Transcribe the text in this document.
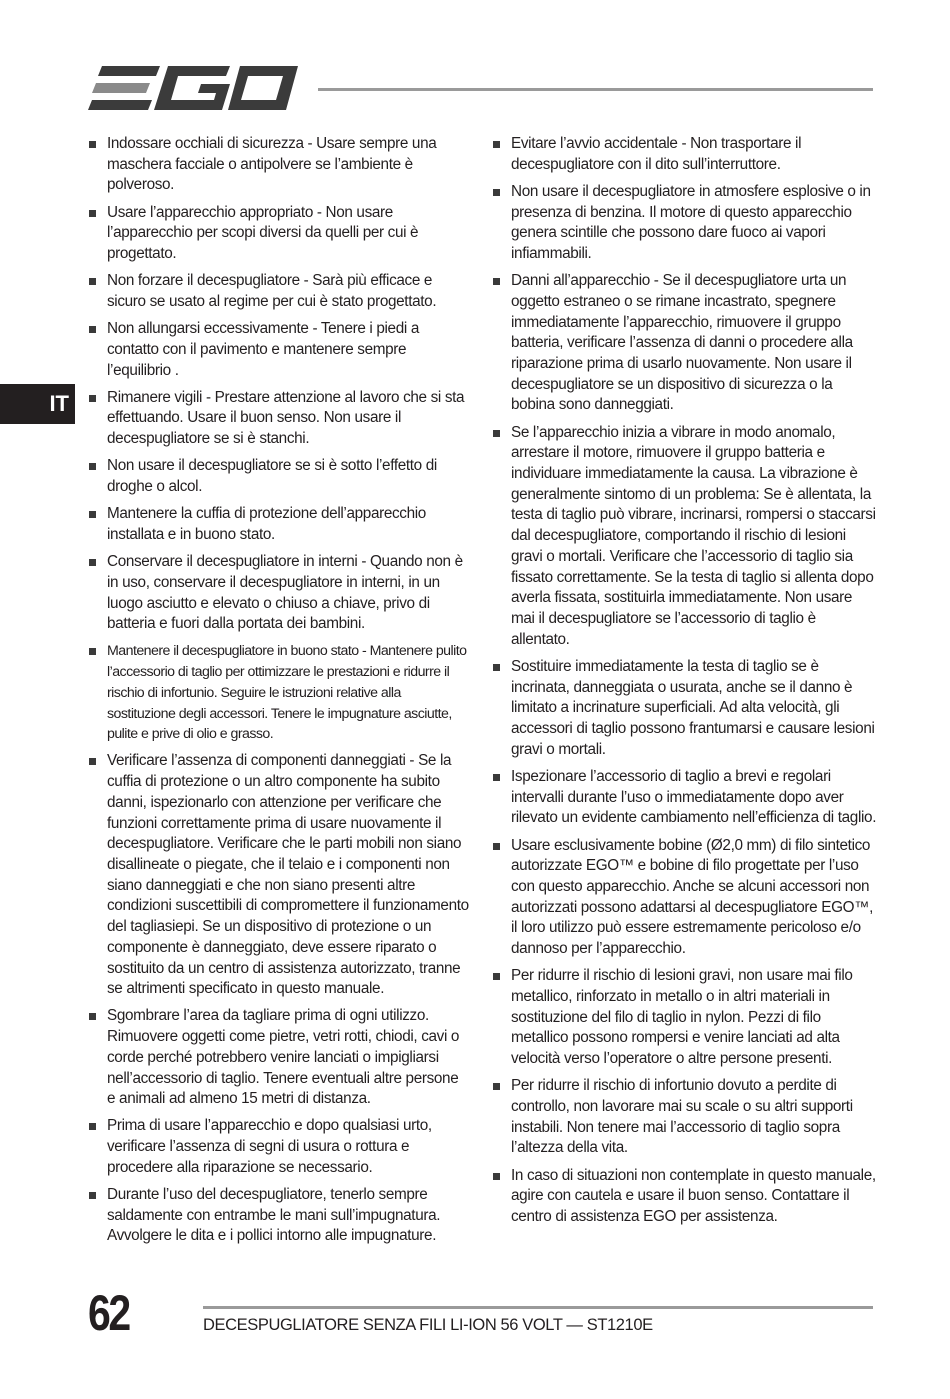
IT
Indossare occhiali di sicurezza - Usare sempre una maschera facciale o antipolvere se l’ambiente è polveroso.
Usare l’apparecchio appropriato - Non usare l’apparecchio per scopi diversi da quelli per cui è progettato.
Non forzare il decespugliatore - Sarà più efficace e sicuro se usato al regime per cui è stato progettato.
Non allungarsi eccessivamente - Tenere i piedi a contatto con il pavimento e mantenere sempre l’equilibrio .
Rimanere vigili - Prestare attenzione al lavoro che si sta effettuando. Usare il buon senso. Non usare il decespugliatore se si è stanchi.
Non usare il decespugliatore se si è sotto l’effetto di droghe o alcol.
Mantenere la cuffia di protezione dell’apparecchio installata e in buono stato.
Conservare il decespugliatore in interni - Quando non è in uso, conservare il decespugliatore in interni, in un luogo asciutto e elevato o chiuso a chiave, privo di batteria e fuori dalla portata dei bambini.
Mantenere il decespugliatore in buono stato - Mantenere pulito l’accessorio di taglio per ottimizzare le prestazioni e ridurre il rischio di infortunio. Seguire le istruzioni relative alla sostituzione degli accessori. Tenere le impugnature asciutte, pulite e prive di olio e grasso.
Verificare l’assenza di componenti danneggiati - Se la cuffia di protezione o un altro componente ha subito danni, ispezionarlo con attenzione per verificare che funzioni correttamente prima di usare nuovamente il decespugliatore. Verificare che le parti mobili non siano disallineate o piegate, che il telaio e i componenti non siano danneggiati e che non siano presenti altre condizioni suscettibili di compromettere il funzionamento del tagliasiepi. Se un dispositivo di protezione o un componente è danneggiato, deve essere riparato o sostituito da un centro di assistenza autorizzato, tranne se altrimenti specificato in questo manuale.
Sgombrare l’area da tagliare prima di ogni utilizzo. Rimuovere oggetti come pietre, vetri rotti, chiodi, cavi o corde perché potrebbero venire lanciati o impigliarsi nell’accessorio di taglio. Tenere eventuali altre persone e animali ad almeno 15 metri di distanza.
Prima di usare l’apparecchio e dopo qualsiasi urto, verificare l’assenza di segni di usura o rottura e procedere alla riparazione se necessario.
Durante l’uso del decespugliatore, tenerlo sempre saldamente con entrambe le mani sull’impugnatura. Avvolgere le dita e i pollici intorno alle impugnature.
Evitare l’avvio accidentale - Non trasportare il decespugliatore con il dito sull’interruttore.
Non usare il decespugliatore in atmosfere esplosive o in presenza di benzina. Il motore di questo apparecchio genera scintille che possono dare fuoco ai vapori infiammabili.
Danni all’apparecchio - Se il decespugliatore urta un oggetto estraneo o se rimane incastrato, spegnere immediatamente l’apparecchio, rimuovere il gruppo batteria, verificare l’assenza di danni o procedere alla riparazione prima di usarlo nuovamente. Non usare il decespugliatore se un dispositivo di sicurezza o la bobina sono danneggiati.
Se l’apparecchio inizia a vibrare in modo anomalo, arrestare il motore, rimuovere il gruppo batteria e individuare immediatamente la causa. La vibrazione è generalmente sintomo di un problema: Se è allentata, la testa di taglio può vibrare, incrinarsi, rompersi o staccarsi dal decespugliatore, comportando il rischio di lesioni gravi o mortali. Verificare che l’accessorio di taglio sia fissato correttamente. Se la testa di taglio si allenta dopo averla fissata, sostituirla immediatamente. Non usare mai il decespugliatore se l’accessorio di taglio è allentato.
Sostituire immediatamente la testa di taglio se è incrinata, danneggiata o usurata, anche se il danno è limitato a incrinature superficiali. Ad alta velocità, gli accessori di taglio possono frantumarsi e causare lesioni gravi o mortali.
Ispezionare l’accessorio di taglio a brevi e regolari intervalli durante l’uso o immediatamente dopo aver rilevato un evidente cambiamento nell’efficienza di taglio.
Usare esclusivamente bobine (Ø2,0 mm) di filo sintetico autorizzate EGO™ e bobine di filo progettate per l’uso con questo apparecchio. Anche se alcuni accessori non autorizzati possono adattarsi al decespugliatore EGO™, il loro utilizzo può essere estremamente pericoloso e/o dannoso per l’apparecchio.
Per ridurre il rischio di lesioni gravi, non usare mai filo metallico, rinforzato in metallo o in altri materiali in sostituzione del filo di taglio in nylon. Pezzi di filo metallico possono rompersi e venire lanciati ad alta velocità verso l’operatore o altre persone presenti.
Per ridurre il rischio di infortunio dovuto a perdite di controllo, non lavorare mai su scale o su altri supporti instabili. Non tenere mai l’accessorio di taglio sopra l’altezza della vita.
In caso di situazioni non contemplate in questo manuale, agire con cautela e usare il buon senso. Contattare il centro di assistenza EGO per assistenza.
62	DECESPUGLIATORE SENZA FILI LI-ION 56 VOLT — ST1210E
